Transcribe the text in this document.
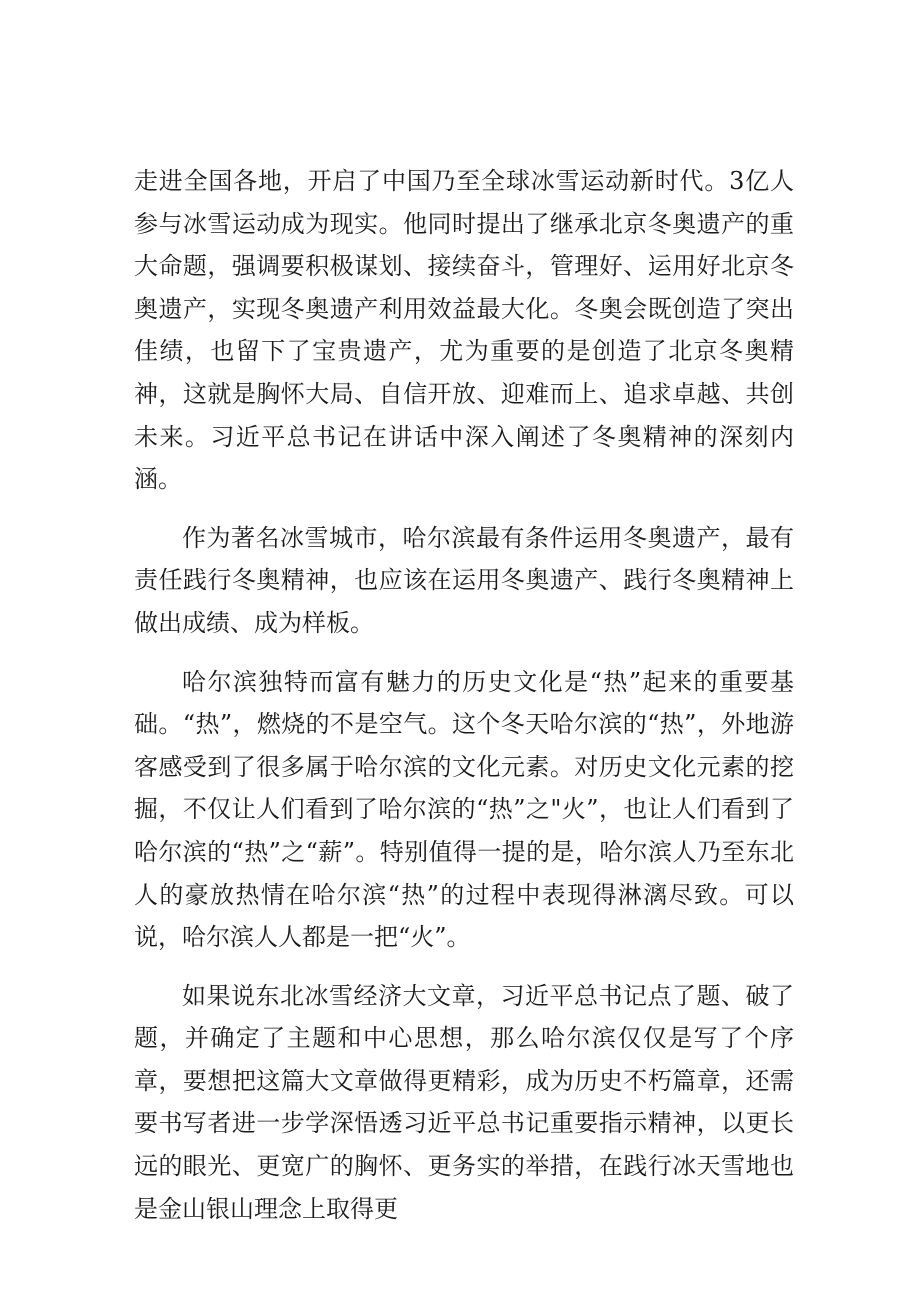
走进全国各地，开启了中国乃至全球冰雪运动新时代。3亿人参与冰雪运动成为现实。他同时提出了继承北京冬奥遗产的重大命题，强调要积极谋划、接续奋斗，管理好、运用好北京冬奥遗产，实现冬奥遗产利用效益最大化。冬奥会既创造了突出佳绩，也留下了宝贵遗产，尤为重要的是创造了北京冬奥精神，这就是胸怀大局、自信开放、迎难而上、追求卓越、共创未来。习近平总书记在讲话中深入阐述了冬奥精神的深刻内涵。

作为著名冰雪城市，哈尔滨最有条件运用冬奥遗产，最有责任践行冬奥精神，也应该在运用冬奥遗产、践行冬奥精神上做出成绩、成为样板。

哈尔滨独特而富有魅力的历史文化是“热”起来的重要基础。“热”，燃烧的不是空气。这个冬天哈尔滨的“热”，外地游客感受到了很多属于哈尔滨的文化元素。对历史文化元素的挖掘，不仅让人们看到了哈尔滨的“热”之"火”，也让人们看到了哈尔滨的“热”之“薪”。特别值得一提的是，哈尔滨人乃至东北人的豪放热情在哈尔滨“热”的过程中表现得淋漓尽致。可以说，哈尔滨人人都是一把“火”。

如果说东北冰雪经济大文章，习近平总书记点了题、破了题，并确定了主题和中心思想，那么哈尔滨仅仅是写了个序章，要想把这篇大文章做得更精彩，成为历史不朽篇章，还需要书写者进一步学深悟透习近平总书记重要指示精神，以更长远的眼光、更宽广的胸怀、更务实的举措，在践行冰天雪地也是金山银山理念上取得更
